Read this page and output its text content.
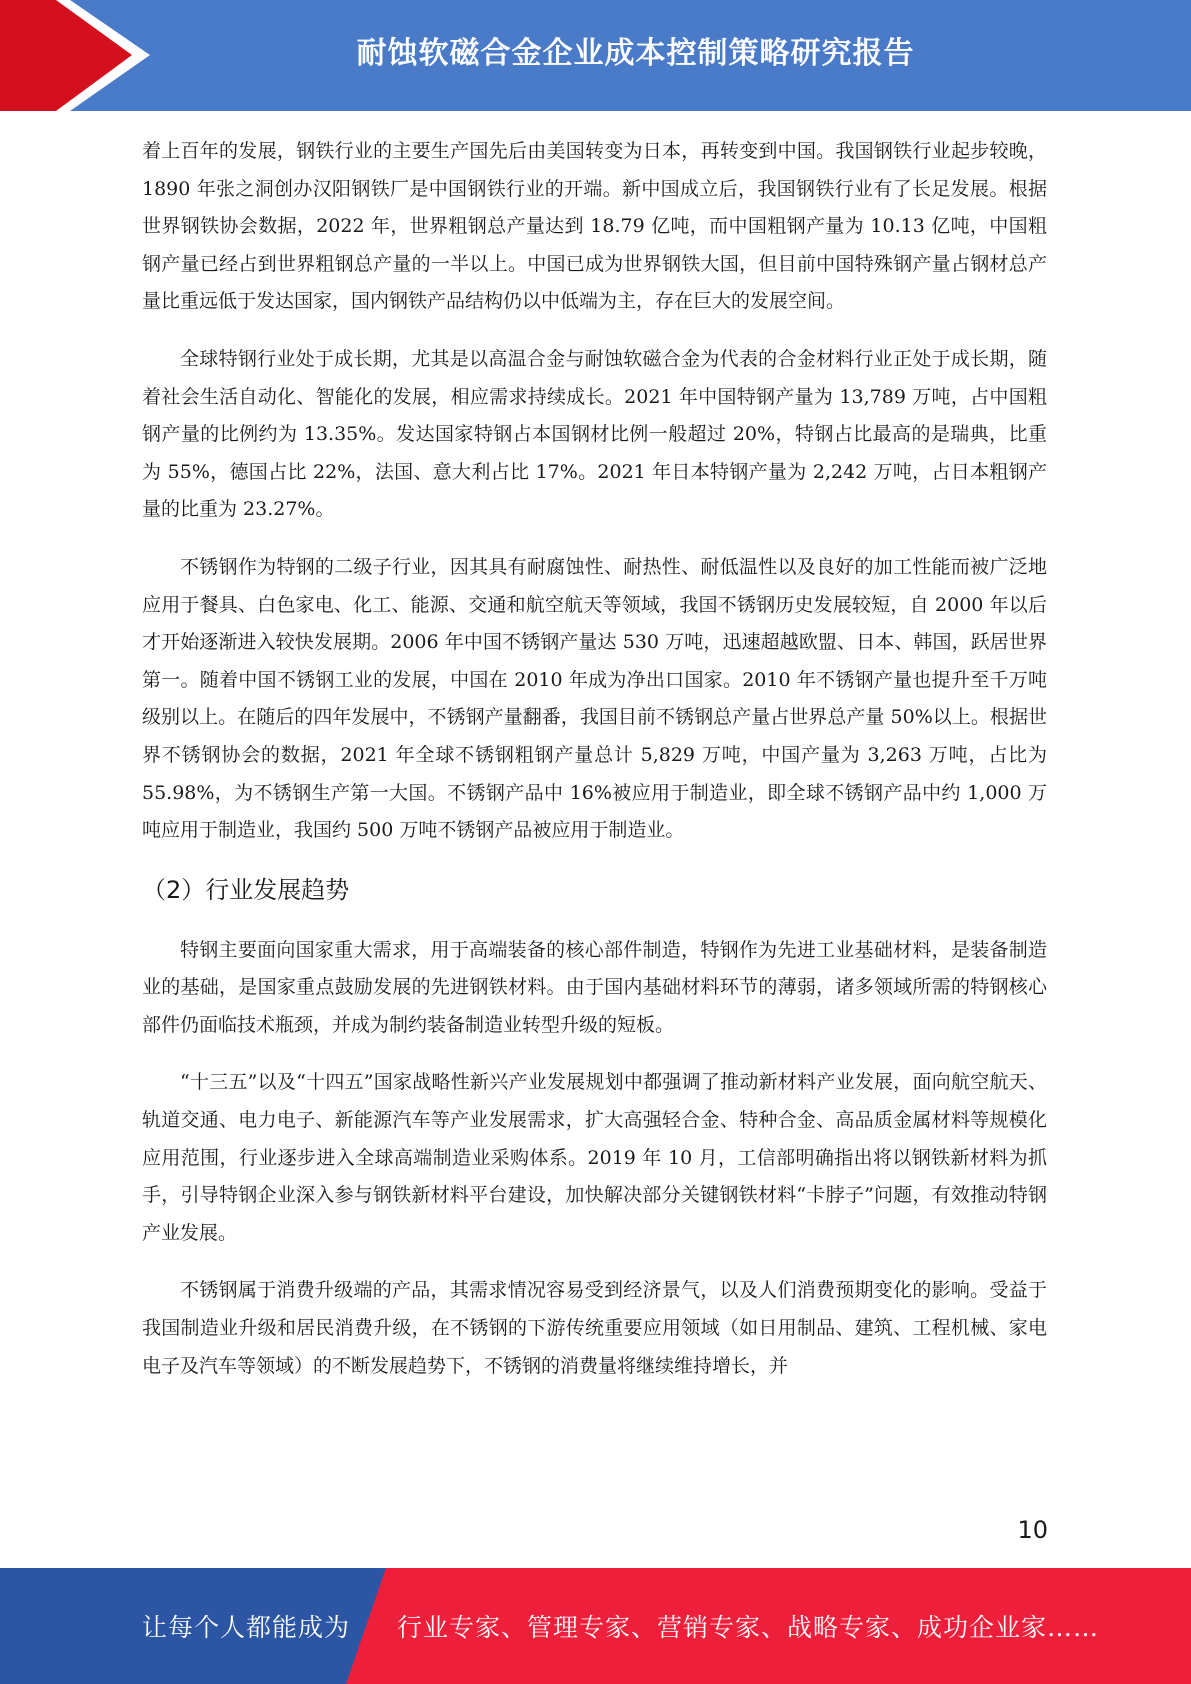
耐蚀软磁合金企业成本控制策略研究报告

着上百年的发展，钢铁行业的主要生产国先后由美国转变为日本，再转变到中国。我国钢铁行业起步较晚，1890 年张之洞创办汉阳钢铁厂是中国钢铁行业的开端。新中国成立后，我国钢铁行业有了长足发展。根据世界钢铁协会数据，2022 年，世界粗钢总产量达到 18.79 亿吨，而中国粗钢产量为 10.13 亿吨，中国粗钢产量已经占到世界粗钢总产量的一半以上。中国已成为世界钢铁大国，但目前中国特殊钢产量占钢材总产量比重远低于发达国家，国内钢铁产品结构仍以中低端为主，存在巨大的发展空间。

全球特钢行业处于成长期，尤其是以高温合金与耐蚀软磁合金为代表的合金材料行业正处于成长期，随着社会生活自动化、智能化的发展，相应需求持续成长。2021 年中国特钢产量为 13,789 万吨，占中国粗钢产量的比例约为 13.35%。发达国家特钢占本国钢材比例一般超过 20%，特钢占比最高的是瑞典，比重为 55%，德国占比 22%，法国、意大利占比 17%。2021 年日本特钢产量为 2,242 万吨，占日本粗钢产量的比重为 23.27%。

不锈钢作为特钢的二级子行业，因其具有耐腐蚀性、耐热性、耐低温性以及良好的加工性能而被广泛地应用于餐具、白色家电、化工、能源、交通和航空航天等领域，我国不锈钢历史发展较短，自 2000 年以后才开始逐渐进入较快发展期。2006 年中国不锈钢产量达 530 万吨，迅速超越欧盟、日本、韩国，跃居世界第一。随着中国不锈钢工业的发展，中国在 2010 年成为净出口国家。2010 年不锈钢产量也提升至千万吨级别以上。在随后的四年发展中，不锈钢产量翻番，我国目前不锈钢总产量占世界总产量 50%以上。根据世界不锈钢协会的数据，2021 年全球不锈钢粗钢产量总计 5,829 万吨，中国产量为 3,263 万吨，占比为 55.98%，为不锈钢生产第一大国。不锈钢产品中 16%被应用于制造业，即全球不锈钢产品中约 1,000 万吨应用于制造业，我国约 500 万吨不锈钢产品被应用于制造业。

（2）行业发展趋势

特钢主要面向国家重大需求，用于高端装备的核心部件制造，特钢作为先进工业基础材料，是装备制造业的基础，是国家重点鼓励发展的先进钢铁材料。由于国内基础材料环节的薄弱，诸多领域所需的特钢核心部件仍面临技术瓶颈，并成为制约装备制造业转型升级的短板。

“十三五”以及“十四五”国家战略性新兴产业发展规划中都强调了推动新材料产业发展，面向航空航天、轨道交通、电力电子、新能源汽车等产业发展需求，扩大高强轻合金、特种合金、高品质金属材料等规模化应用范围，行业逐步进入全球高端制造业采购体系。2019 年 10 月，工信部明确指出将以钢铁新材料为抓手，引导特钢企业深入参与钢铁新材料平台建设，加快解决部分关键钢铁材料“卡脖子”问题，有效推动特钢产业发展。

不锈钢属于消费升级端的产品，其需求情况容易受到经济景气，以及人们消费预期变化的影响。受益于我国制造业升级和居民消费升级，在不锈钢的下游传统重要应用领域（如日用制品、建筑、工程机械、家电电子及汽车等领域）的不断发展趋势下，不锈钢的消费量将继续维持增长，并

10
让每个人都能成为 行业专家、管理专家、营销专家、战略专家、成功企业家……
